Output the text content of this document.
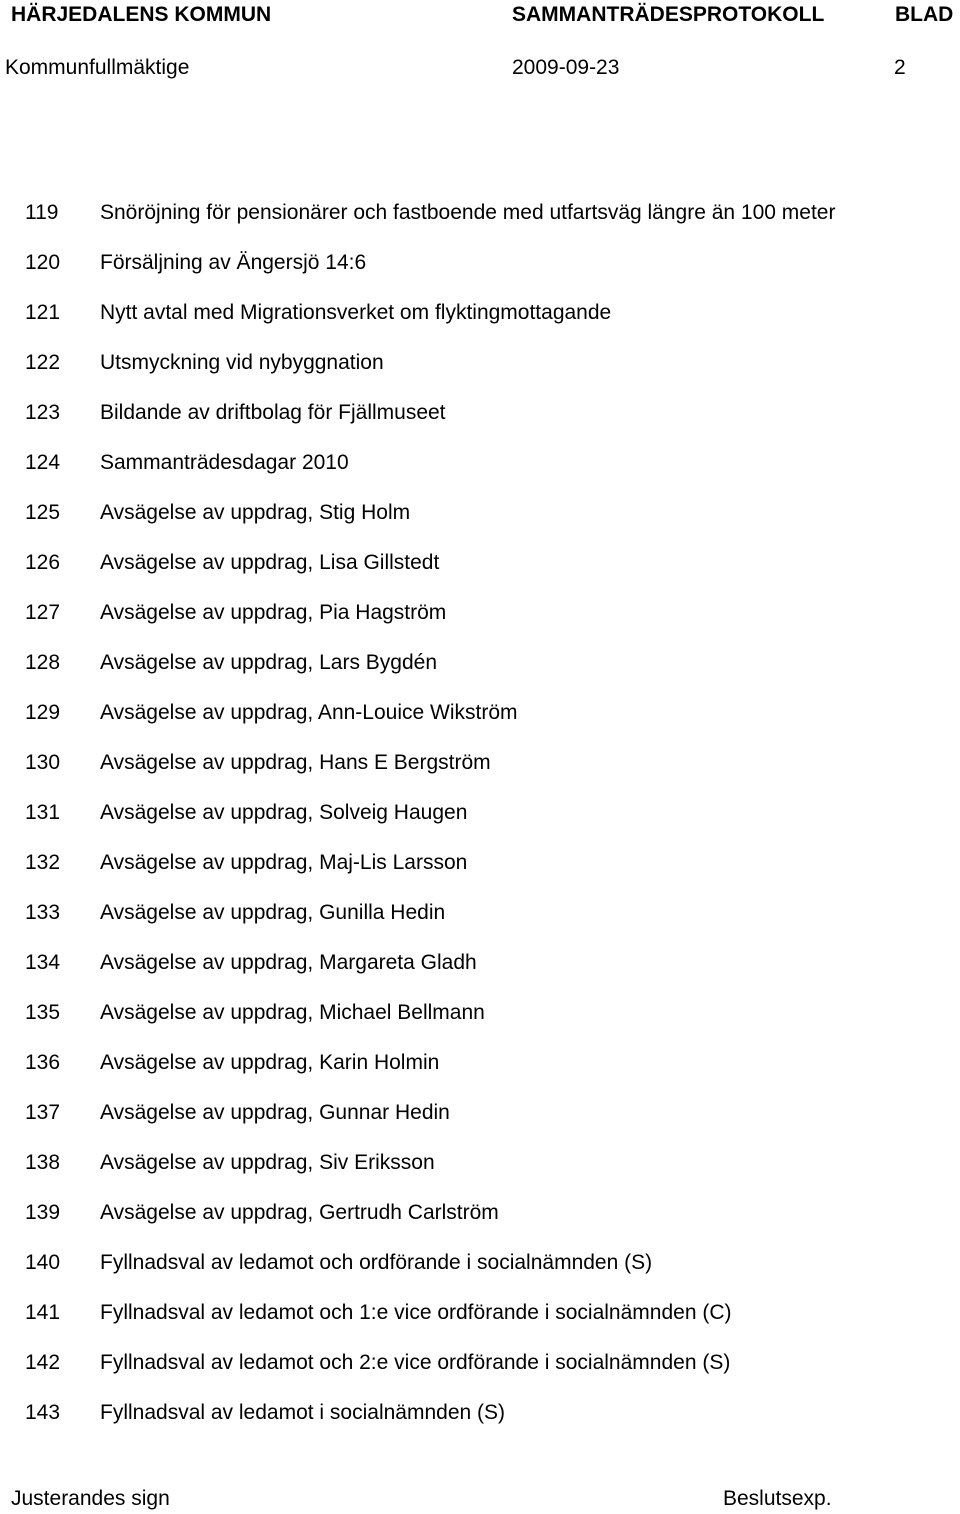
HÄRJEDALENS KOMMUN	SAMMANTRÄDESPROTOKOLL	BLAD
Kommunfullmäktige	2009-09-23	2
119 Snöröjning för pensionärer och fastboende med utfartsväg längre än 100 meter
120 Försäljning av Ängersjö 14:6
121 Nytt avtal med Migrationsverket om flyktingmottagande
122 Utsmyckning vid nybyggnation
123 Bildande av driftbolag för Fjällmuseet
124 Sammanträdesdagar 2010
125 Avsägelse av uppdrag, Stig Holm
126 Avsägelse av uppdrag, Lisa Gillstedt
127 Avsägelse av uppdrag, Pia Hagström
128 Avsägelse av uppdrag, Lars Bygdén
129 Avsägelse av uppdrag, Ann-Louice Wikström
130 Avsägelse av uppdrag, Hans E Bergström
131 Avsägelse av uppdrag, Solveig Haugen
132 Avsägelse av uppdrag, Maj-Lis Larsson
133 Avsägelse av uppdrag, Gunilla Hedin
134 Avsägelse av uppdrag, Margareta Gladh
135 Avsägelse av uppdrag, Michael Bellmann
136 Avsägelse av uppdrag, Karin Holmin
137 Avsägelse av uppdrag, Gunnar Hedin
138 Avsägelse av uppdrag, Siv Eriksson
139 Avsägelse av uppdrag, Gertrudh Carlström
140 Fyllnadsval av ledamot och ordförande i socialnämnden (S)
141 Fyllnadsval av ledamot och 1:e vice ordförande i socialnämnden (C)
142 Fyllnadsval av ledamot och 2:e vice ordförande i socialnämnden (S)
143 Fyllnadsval av ledamot i socialnämnden (S)
Justerandes sign	Beslutsexp.
